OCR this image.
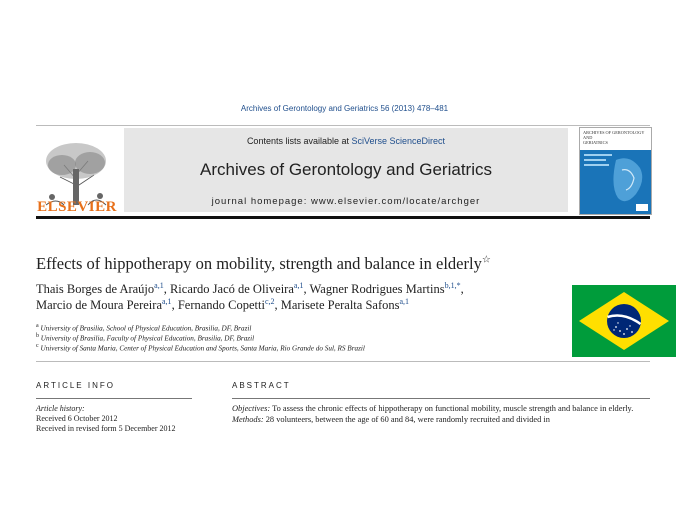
Archives of Gerontology and Geriatrics 56 (2013) 478–481
ELSEVIER
Contents lists available at SciVerse ScienceDirect
Archives of Gerontology and Geriatrics
journal homepage: www.elsevier.com/locate/archger
ARCHIVES OF GERONTOLOGY
AND
GERIATRICS
Effects of hippotherapy on mobility, strength and balance in elderly☆
Thais Borges de Araújo$^{a,1}$, Ricardo Jacó de Oliveira$^{a,1}$, Wagner Rodrigues Martins$^{b,1,*}$,
Marcio de Moura Pereira$^{a,1}$, Fernando Copetti$^{c,2}$, Marisete Peralta Safons$^{a,1}$
$^a$ University of Brasilia, School of Physical Education, Brasilia, DF, Brazil
$^b$ University of Brasilia, Faculty of Physical Education, Brasilia, DF, Brazil
$^c$ University of Santa Maria, Center of Physical Education and Sports, Santa Maria, Rio Grande do Sul, RS Brazil
ARTICLE INFO	ABSTRACT
Article history:
Received 6 October 2012
Received in revised form 5 December 2012
Objectives: To assess the chronic effects of hippotherapy on functional mobility, muscle strength and balance in elderly.
Methods: 28 volunteers, between the age of 60 and 84, were randomly recruited and divided in
